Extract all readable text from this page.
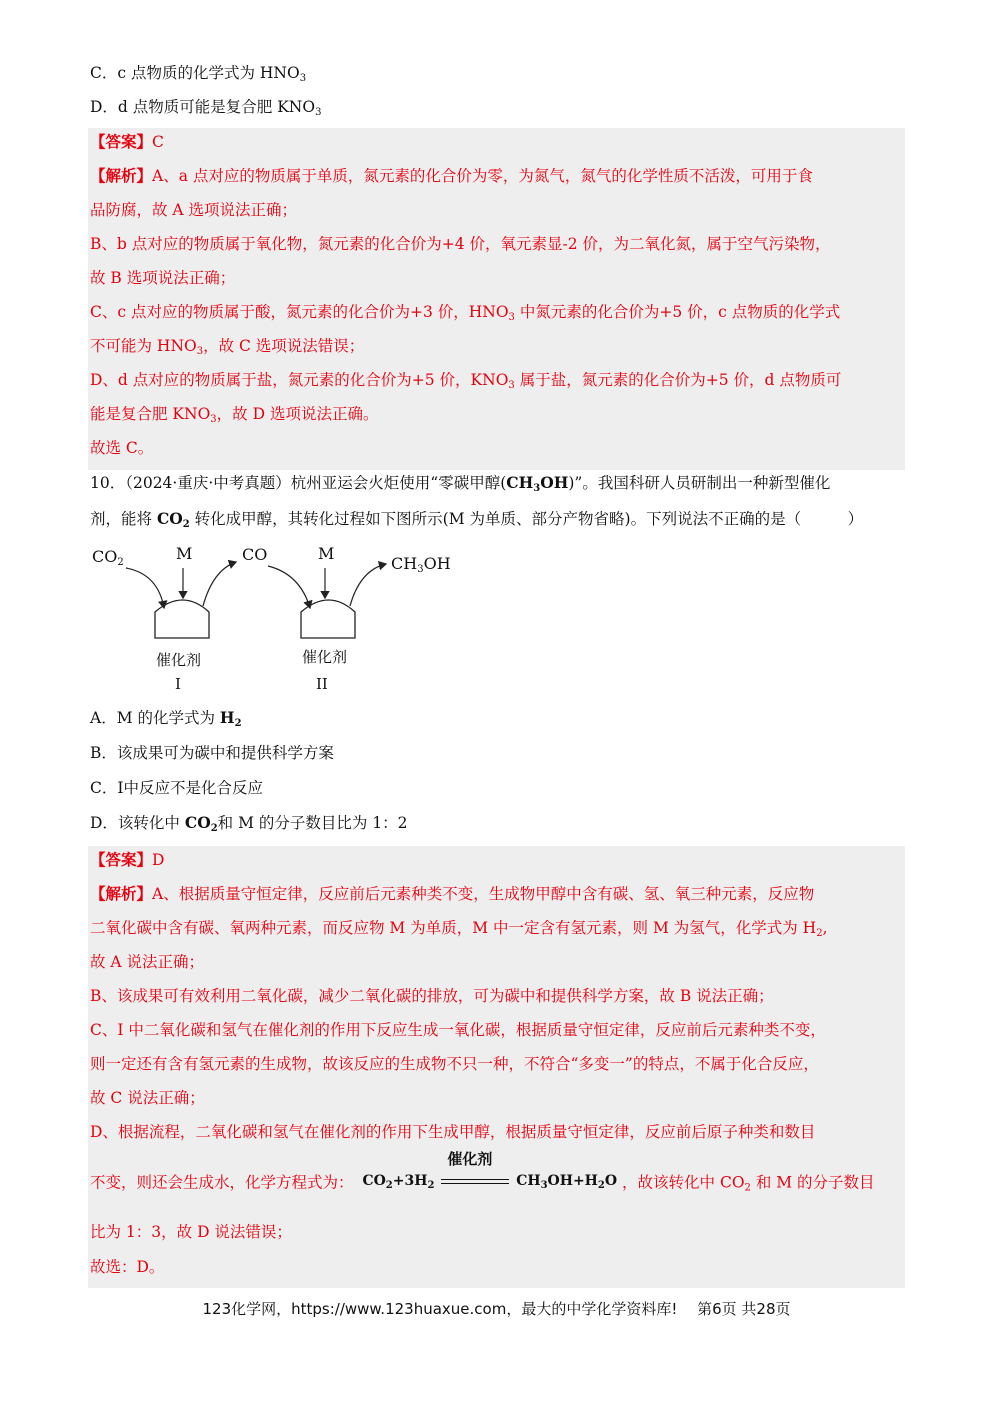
C．c 点物质的化学式为 $HNO_3$
D．d 点物质可能是复合肥 $KNO_3$
【答案】C
【解析】A、a 点对应的物质属于单质，氮元素的化合价为零，为氮气，氮气的化学性质不活泼，可用于食
品防腐，故 A 选项说法正确；
B、b 点对应的物质属于氧化物，氮元素的化合价为+4 价，氧元素显-2 价，为二氧化氮，属于空气污染物，
故 B 选项说法正确；
C、c 点对应的物质属于酸，氮元素的化合价为+3 价，$HNO_3$ 中氮元素的化合价为+5 价，c 点物质的化学式
不可能为 $HNO_3$，故 C 选项说法错误；
D、d 点对应的物质属于盐，氮元素的化合价为+5 价，$KNO_3$ 属于盐，氮元素的化合价为+5 价，d 点物质可
能是复合肥 $KNO_3$，故 D 选项说法正确。
故选 C。
10．（2024·重庆·中考真题）杭州亚运会火炬使用“零碳甲醇$(CH_3OH)$”。我国科研人员研制出一种新型催化
剂，能将 $CO_2$ 转化成甲醇，其转化过程如下图所示(M 为单质、部分产物省略)。下列说法不正确的是（　　　）
$CO_2$	M	CO	M
$CH_3OH$
催化剂	催化剂
I	II
A．M 的化学式为 $H_2$
B．该成果可为碳中和提供科学方案
C．I中反应不是化合反应
D．该转化中 $CO_2$和 M 的分子数目比为 1：2
【答案】D
【解析】A、根据质量守恒定律，反应前后元素种类不变，生成物甲醇中含有碳、氢、氧三种元素，反应物
二氧化碳中含有碳、氧两种元素，而反应物 M 为单质，M 中一定含有氢元素，则 M 为氢气，化学式为 $H_2$,
故 A 说法正确；
B、该成果可有效利用二氧化碳，减少二氧化碳的排放，可为碳中和提供科学方案，故 B 说法正确；
C、I 中二氧化碳和氢气在催化剂的作用下反应生成一氧化碳，根据质量守恒定律，反应前后元素种类不变，
则一定还有含有氢元素的生成物，故该反应的生成物不只一种，不符合“多变一”的特点，不属于化合反应，
故 C 说法正确；
D、根据流程，二氧化碳和氢气在催化剂的作用下生成甲醇，根据质量守恒定律，反应前后原子种类和数目
不变，则还会生成水，化学方程式为： $CO_2+3H_2$
催化剂
$CH_3OH+H_2O$ ，故该转化中 $CO_2$ 和 M 的分子数目
比为 1：3，故 D 说法错误；
故选：D。
123化学网，https://www.123huaxue.com，最大的中学化学资料库!　 第6页 共28页
